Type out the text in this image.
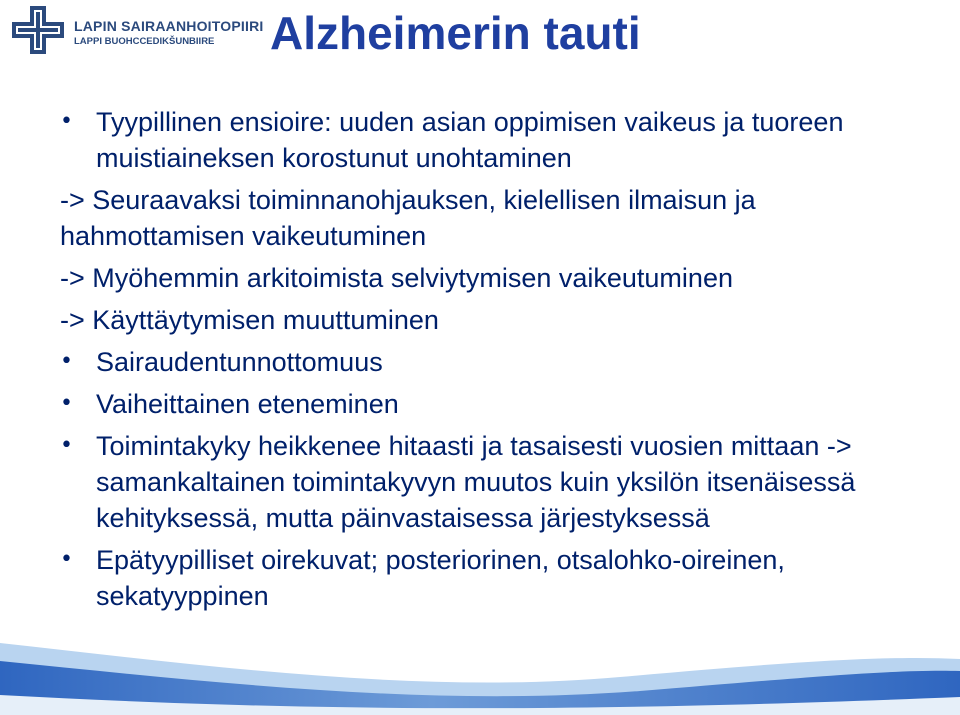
LAPIN SAIRAANHOITOPIIRI
LAPPI BUOHCCEDIKŠUNBIIRE Alzheimerin tauti
• Tyypillinen ensioire: uuden asian oppimisen vaikeus ja tuoreen muistiaineksen korostunut unohtaminen
-> Seuraavaksi toiminnanohjauksen, kielellisen ilmaisun ja hahmottamisen vaikeutuminen
-> Myöhemmin arkitoimista selviytymisen vaikeutuminen
-> Käyttäytymisen muuttuminen
• Sairaudentunnottomuus
• Vaiheittainen eteneminen
• Toimintakyky heikkenee hitaasti ja tasaisesti vuosien mittaan -> samankaltainen toimintakyvyn muutos kuin yksilön itsenäisessä kehityksessä, mutta päinvastaisessa järjestyksessä
• Epätyypilliset oirekuvat; posteriorinen, otsalohko-oireinen, sekatyyppinen
